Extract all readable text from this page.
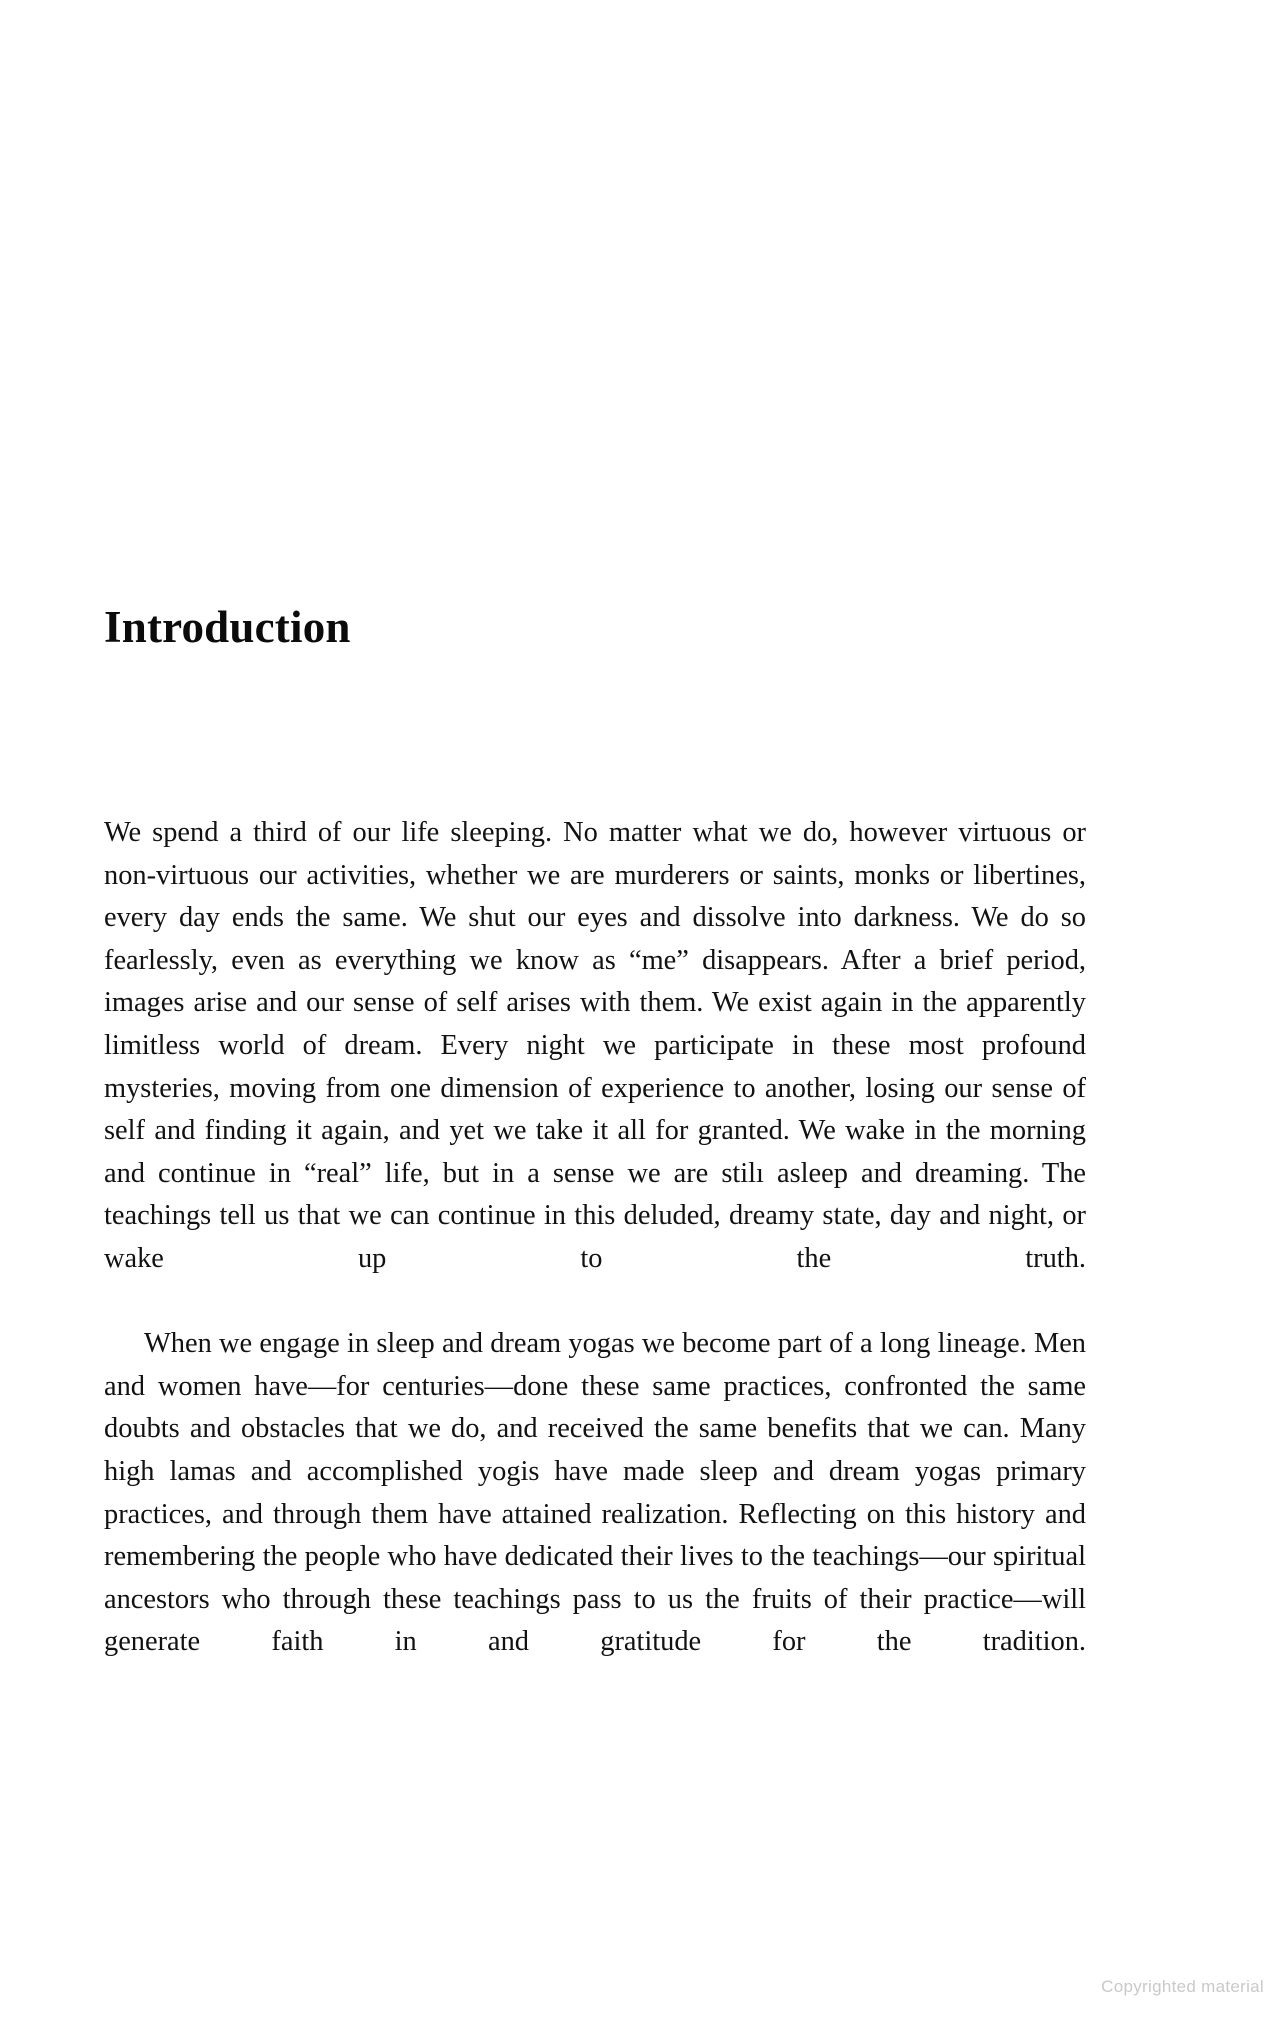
Introduction

We spend a third of our life sleeping. No matter what we do, however virtuous or non-virtuous our activities, whether we are murderers or saints, monks or libertines, every day ends the same. We shut our eyes and dissolve into darkness. We do so fearlessly, even as everything we know as “me” disappears. After a brief period, images arise and our sense of self arises with them. We exist again in the apparently limitless world of dream. Every night we participate in these most profound mysteries, moving from one dimension of experience to another, losing our sense of self and finding it again, and yet we take it all for granted. We wake in the morning and continue in “real” life, but in a sense we are stilı asleep and dreaming. The teachings tell us that we can continue in this deluded, dreamy state, day and night, or wake up to the truth.

When we engage in sleep and dream yogas we become part of a long lineage. Men and women have—for centuries—done these same practices, confronted the same doubts and obstacles that we do, and received the same benefits that we can. Many high lamas and accomplished yogis have made sleep and dream yogas primary practices, and through them have attained realization. Reflecting on this history and remembering the people who have dedicated their lives to the teachings—our spiritual ancestors who through these teachings pass to us the fruits of their practice—will generate faith in and gratitude for the tradition.

Copyrighted material
